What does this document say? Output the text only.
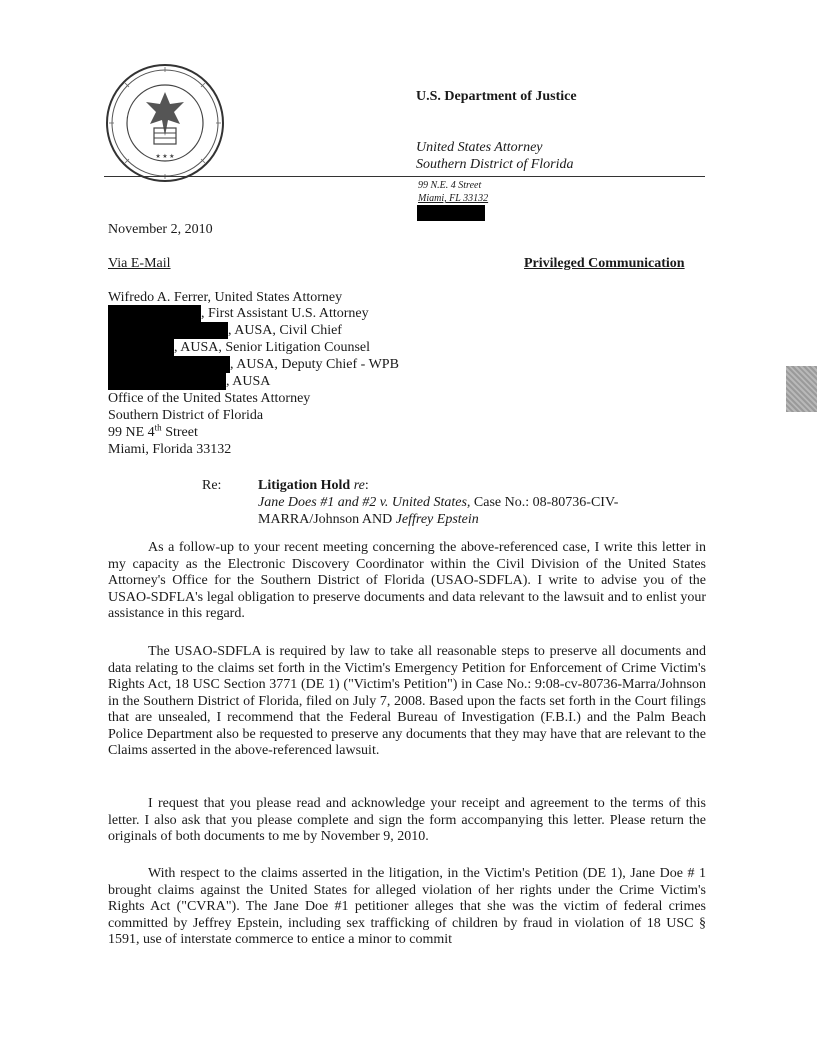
★ ★ ★
U.S. Department of Justice
United States Attorney
Southern District of Florida
99 N.E. 4 Street
Miami, FL 33132
November 2, 2010
Via E-Mail	Privileged Communication
Wifredo A. Ferrer, United States Attorney
, First Assistant U.S. Attorney
, AUSA, Civil Chief
, AUSA, Senior Litigation Counsel
, AUSA, Deputy Chief - WPB
, AUSA
Office of the United States Attorney
Southern District of Florida
99 NE 4th Street
Miami, Florida 33132
Re:	Litigation Hold re:
Jane Does #1 and #2 v. United States, Case No.: 08-80736-CIV-
MARRA/Johnson AND Jeffrey Epstein
As a follow-up to your recent meeting concerning the above-referenced case, I write this letter in my capacity as the Electronic Discovery Coordinator within the Civil Division of the United States Attorney's Office for the Southern District of Florida (USAO-SDFLA). I write to advise you of the USAO-SDFLA's legal obligation to preserve documents and data relevant to the lawsuit and to enlist your assistance in this regard.
The USAO-SDFLA is required by law to take all reasonable steps to preserve all documents and data relating to the claims set forth in the Victim's Emergency Petition for Enforcement of Crime Victim's Rights Act, 18 USC Section 3771 (DE 1) ("Victim's Petition") in Case No.: 9:08-cv-80736-Marra/Johnson in the Southern District of Florida, filed on July 7, 2008. Based upon the facts set forth in the Court filings that are unsealed, I recommend that the Federal Bureau of Investigation (F.B.I.) and the Palm Beach Police Department also be requested to preserve any documents that they may have that are relevant to the Claims asserted in the above-referenced lawsuit.
I request that you please read and acknowledge your receipt and agreement to the terms of this letter. I also ask that you please complete and sign the form accompanying this letter. Please return the originals of both documents to me by November 9, 2010.
With respect to the claims asserted in the litigation, in the Victim's Petition (DE 1), Jane Doe # 1 brought claims against the United States for alleged violation of her rights under the Crime Victim's Rights Act ("CVRA"). The Jane Doe #1 petitioner alleges that she was the victim of federal crimes committed by Jeffrey Epstein, including sex trafficking of children by fraud in violation of 18 USC § 1591, use of interstate commerce to entice a minor to commit
